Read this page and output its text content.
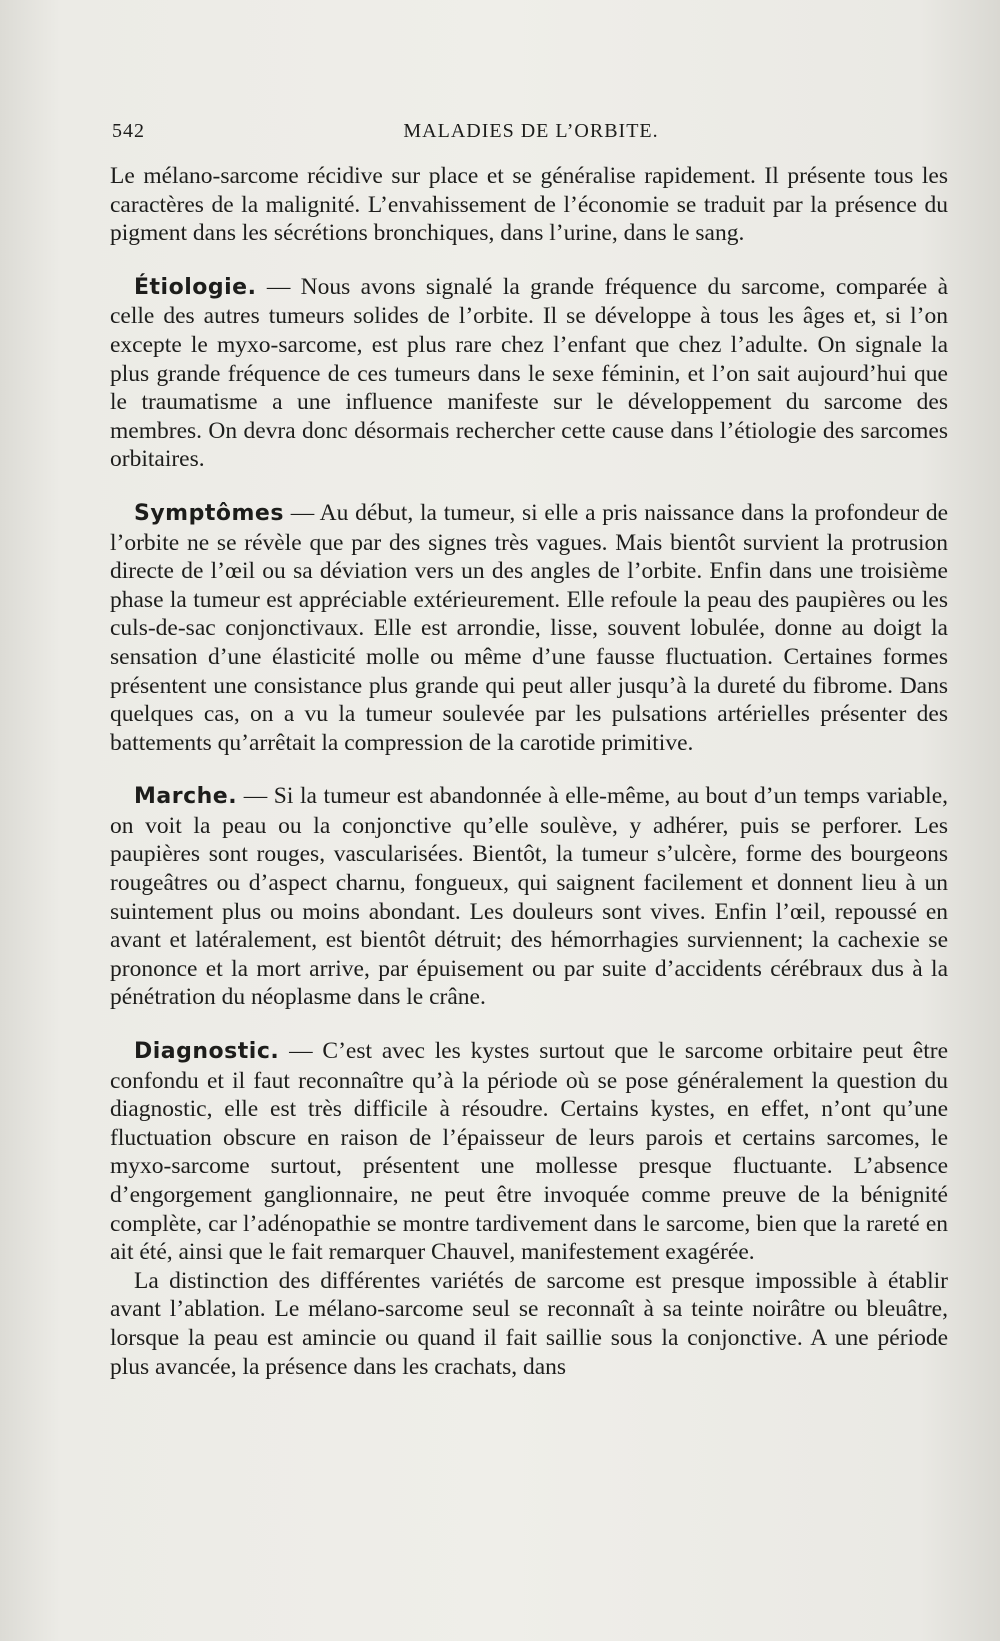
542	MALADIES DE L’ORBITE.

Le mélano-sarcome récidive sur place et se généralise rapidement. Il présente tous les caractères de la malignité. L’envahissement de l’économie se traduit par la présence du pigment dans les sécrétions bronchiques, dans l’urine, dans le sang.

Étiologie. — Nous avons signalé la grande fréquence du sarcome, comparée à celle des autres tumeurs solides de l’orbite. Il se développe à tous les âges et, si l’on excepte le myxo-sarcome, est plus rare chez l’enfant que chez l’adulte. On signale la plus grande fréquence de ces tumeurs dans le sexe féminin, et l’on sait aujourd’hui que le traumatisme a une influence manifeste sur le développement du sarcome des membres. On devra donc désormais rechercher cette cause dans l’étiologie des sarcomes orbitaires.

Symptômes — Au début, la tumeur, si elle a pris naissance dans la profondeur de l’orbite ne se révèle que par des signes très vagues. Mais bientôt survient la protrusion directe de l’œil ou sa déviation vers un des angles de l’orbite. Enfin dans une troisième phase la tumeur est appréciable extérieurement. Elle refoule la peau des paupières ou les culs-de-sac conjonctivaux. Elle est arrondie, lisse, souvent lobulée, donne au doigt la sensation d’une élasticité molle ou même d’une fausse fluctuation. Certaines formes présentent une consistance plus grande qui peut aller jusqu’à la dureté du fibrome. Dans quelques cas, on a vu la tumeur soulevée par les pulsations artérielles présenter des battements qu’arrêtait la compression de la carotide primitive.

Marche. — Si la tumeur est abandonnée à elle-même, au bout d’un temps variable, on voit la peau ou la conjonctive qu’elle soulève, y adhérer, puis se perforer. Les paupières sont rouges, vascularisées. Bientôt, la tumeur s’ulcère, forme des bourgeons rougeâtres ou d’aspect charnu, fongueux, qui saignent facilement et donnent lieu à un suintement plus ou moins abondant. Les douleurs sont vives. Enfin l’œil, repoussé en avant et latéralement, est bientôt détruit; des hémorrhagies surviennent; la cachexie se prononce et la mort arrive, par épuisement ou par suite d’accidents cérébraux dus à la pénétration du néoplasme dans le crâne.

Diagnostic. — C’est avec les kystes surtout que le sarcome orbitaire peut être confondu et il faut reconnaître qu’à la période où se pose généralement la question du diagnostic, elle est très difficile à résoudre. Certains kystes, en effet, n’ont qu’une fluctuation obscure en raison de l’épaisseur de leurs parois et certains sarcomes, le myxo-sarcome surtout, présentent une mollesse presque fluctuante. L’absence d’engorgement ganglionnaire, ne peut être invoquée comme preuve de la bénignité complète, car l’adénopathie se montre tardivement dans le sarcome, bien que la rareté en ait été, ainsi que le fait remarquer Chauvel, manifestement exagérée.

La distinction des différentes variétés de sarcome est presque impossible à établir avant l’ablation. Le mélano-sarcome seul se reconnaît à sa teinte noirâtre ou bleuâtre, lorsque la peau est amincie ou quand il fait saillie sous la conjonctive. A une période plus avancée, la présence dans les crachats, dans
